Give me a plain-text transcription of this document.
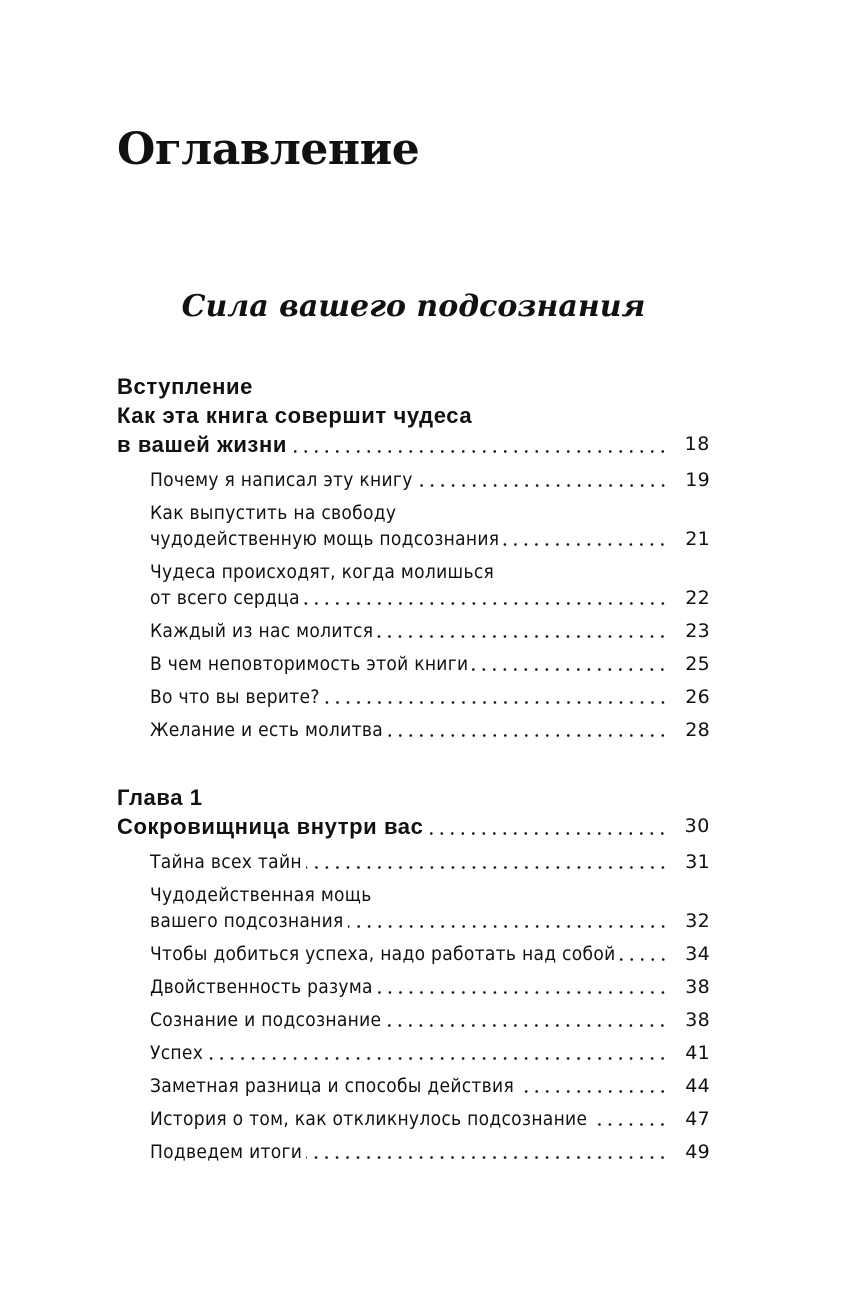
Оглавление
Сила вашего подсознания
Вступление
Как эта книга совершит чудеса
в вашей жизни	18
Почему я написал эту книгу	19
Как выпустить на свободу
чудодейственную мощь подсознания	21
Чудеса происходят, когда молишься
от всего сердца	22
Каждый из нас молится	23
В чем неповторимость этой книги	25
Во что вы верите?	26
Желание и есть молитва	28
Глава 1
Сокровищница внутри вас	30
Тайна всех тайн	31
Чудодейственная мощь
вашего подсознания	32
Чтобы добиться успеха, надо работать над собой	34
Двойственность разума	38
Сознание и подсознание	38
Успех	41
Заметная разница и способы действия	44
История о том, как откликнулось подсознание	47
Подведем итоги	49
